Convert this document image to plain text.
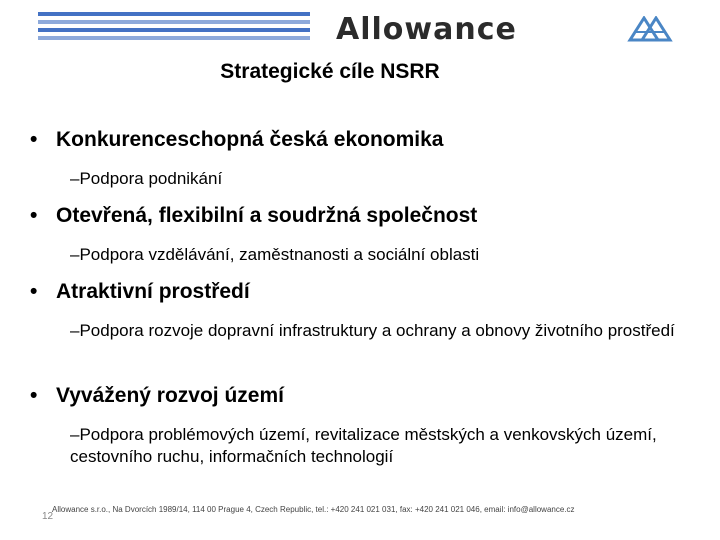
Allowance
Strategické cíle NSRR
• Konkurenceschopná česká ekonomika
–Podpora podnikání
• Otevřená, flexibilní a soudržná společnost
–Podpora vzdělávání, zaměstnanosti a sociální oblasti
• Atraktivní prostředí
–Podpora rozvoje dopravní infrastruktury a ochrany a obnovy životního prostředí
• Vyvážený rozvoj území
–Podpora problémových území, revitalizace městských a venkovských území, cestovního ruchu, informačních technologií
12
Allowance s.r.o., Na Dvorcích 1989/14, 114 00 Prague 4, Czech Republic, tel.: +420 241 021 031, fax: +420 241 021 046, email: info@allowance.cz
